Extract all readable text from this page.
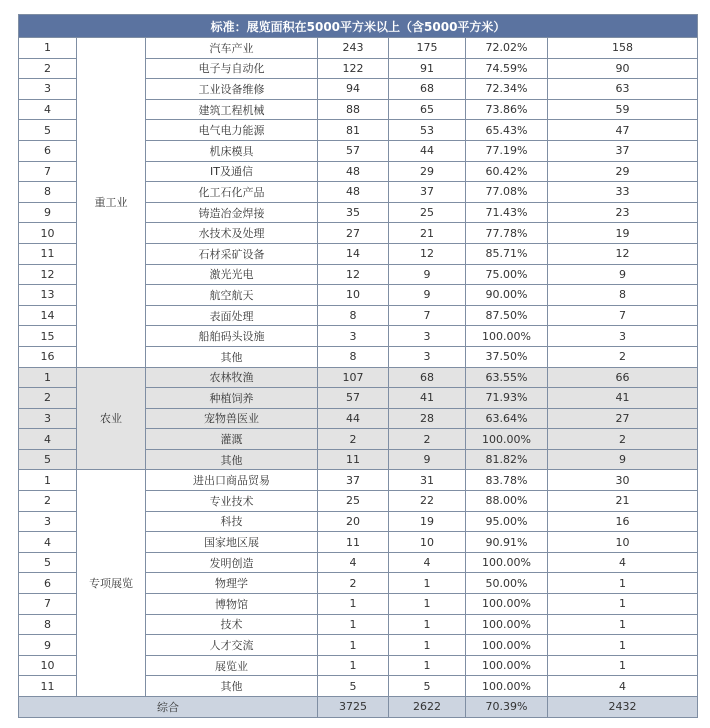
标准：展览面积在5000平方米以上（含5000平方米）						
1	重工业	汽车产业	243	175	72.02%	158
2		电子与自动化	122	91	74.59%	90
3		工业设备维修	94	68	72.34%	63
4		建筑工程机械	88	65	73.86%	59
5		电气电力能源	81	53	65.43%	47
6		机床模具	57	44	77.19%	37
7		IT及通信	48	29	60.42%	29
8		化工石化产品	48	37	77.08%	33
9		铸造冶金焊接	35	25	71.43%	23
10		水技术及处理	27	21	77.78%	19
11		石材采矿设备	14	12	85.71%	12
12		激光光电	12	9	75.00%	9
13		航空航天	10	9	90.00%	8
14		表面处理	8	7	87.50%	7
15		船舶码头设施	3	3	100.00%	3
16		其他	8	3	37.50%	2
1	农业	农林牧渔	107	68	63.55%	66
2		种植饲养	57	41	71.93%	41
3		宠物兽医业	44	28	63.64%	27
4		灌溉	2	2	100.00%	2
5		其他	11	9	81.82%	9
1	专项展览	进出口商品贸易	37	31	83.78%	30
2		专业技术	25	22	88.00%	21
3		科技	20	19	95.00%	16
4		国家地区展	11	10	90.91%	10
5		发明创造	4	4	100.00%	4
6		物理学	2	1	50.00%	1
7		博物馆	1	1	100.00%	1
8		技术	1	1	100.00%	1
9		人才交流	1	1	100.00%	1
10		展览业	1	1	100.00%	1
11		其他	5	5	100.00%	4
综合			3725	2622	70.39%	2432
